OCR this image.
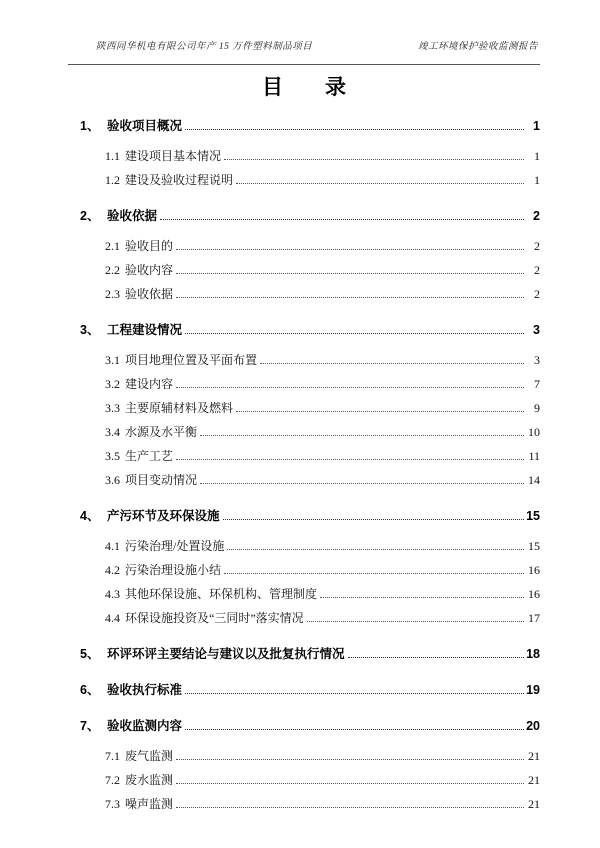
陕西同华机电有限公司年产 15 万件塑料制品项目	竣工环境保护验收监测报告
目　　录
1、 验收项目概况	1
1.1 建设项目基本情况	1
1.2 建设及验收过程说明	1
2、 验收依据	2
2.1 验收目的	2
2.2 验收内容	2
2.3 验收依据	2
3、 工程建设情况	3
3.1 项目地理位置及平面布置	3
3.2 建设内容	7
3.3 主要原辅材料及燃料	9
3.4 水源及水平衡	10
3.5 生产工艺	11
3.6 项目变动情况	14
4、 产污环节及环保设施	15
4.1 污染治理/处置设施	15
4.2 污染治理设施小结	16
4.3 其他环保设施、环保机构、管理制度	16
4.4 环保设施投资及“三同时”落实情况	17
5、 环评环评主要结论与建议以及批复执行情况	18
6、 验收执行标准	19
7、 验收监测内容	20
7.1 废气监测	21
7.2 废水监测	21
7.3 噪声监测	21
